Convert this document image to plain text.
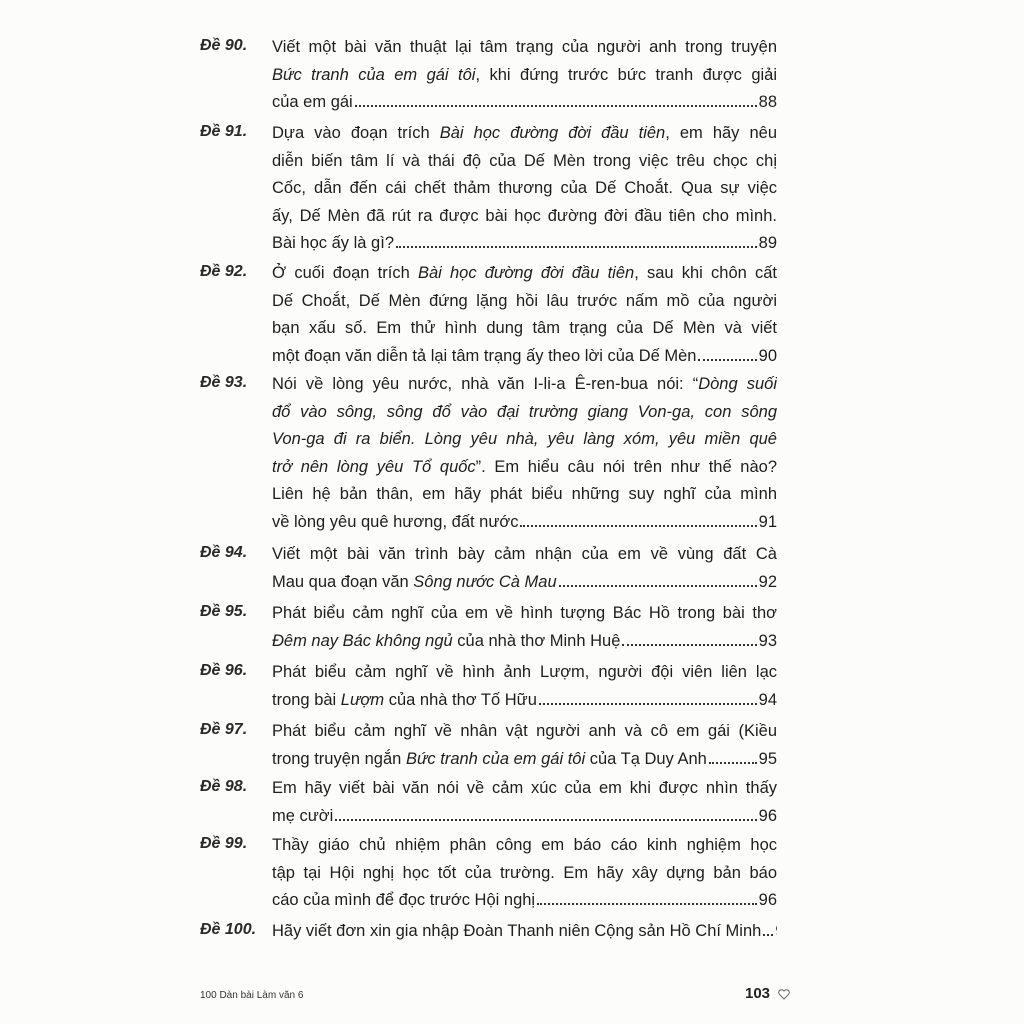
Đề 90. Viết một bài văn thuật lại tâm trạng của người anh trong truyện
Bức tranh của em gái tôi, khi đứng trước bức tranh được giải
của em gái	88
Đề 91. Dựa vào đoạn trích Bài học đường đời đầu tiên, em hãy nêu
diễn biến tâm lí và thái độ của Dế Mèn trong việc trêu chọc chị
Cốc, dẫn đến cái chết thảm thương của Dế Choắt. Qua sự việc
ấy, Dế Mèn đã rút ra được bài học đường đời đầu tiên cho mình.
Bài học ấy là gì?	89
Đề 92. Ở cuối đoạn trích Bài học đường đời đầu tiên, sau khi chôn cất
Dế Choắt, Dế Mèn đứng lặng hồi lâu trước nấm mồ của người
bạn xấu số. Em thử hình dung tâm trạng của Dế Mèn và viết
một đoạn văn diễn tả lại tâm trạng ấy theo lời của Dế Mèn	90
Đề 93. Nói về lòng yêu nước, nhà văn I-li-a Ê-ren-bua nói: “Dòng suối
đổ vào sông, sông đổ vào đại trường giang Von-ga, con sông
Von-ga đi ra biển. Lòng yêu nhà, yêu làng xóm, yêu miền quê
trở nên lòng yêu Tổ quốc”. Em hiểu câu nói trên như thế nào?
Liên hệ bản thân, em hãy phát biểu những suy nghĩ của mình
về lòng yêu quê hương, đất nước	91
Đề 94. Viết một bài văn trình bày cảm nhận của em về vùng đất Cà
Mau qua đoạn văn Sông nước Cà Mau	92
Đề 95. Phát biểu cảm nghĩ của em về hình tượng Bác Hồ trong bài thơ
Đêm nay Bác không ngủ của nhà thơ Minh Huệ	93
Đề 96. Phát biểu cảm nghĩ về hình ảnh Lượm, người đội viên liên lạc
trong bài Lượm của nhà thơ Tố Hữu	94
Đề 97. Phát biểu cảm nghĩ về nhân vật người anh và cô em gái (Kiều
trong truyện ngắn Bức tranh của em gái tôi của Tạ Duy Anh	95
Đề 98. Em hãy viết bài văn nói về cảm xúc của em khi được nhìn thấy
mẹ cười	96
Đề 99. Thầy giáo chủ nhiệm phân công em báo cáo kinh nghiệm học
tập tại Hội nghị học tốt của trường. Em hãy xây dựng bản báo
cáo của mình để đọc trước Hội nghị	96
Đề 100. Hãy viết đơn xin gia nhập Đoàn Thanh niên Cộng sản Hồ Chí Minh
100 Dàn bài Làm văn 6	103
